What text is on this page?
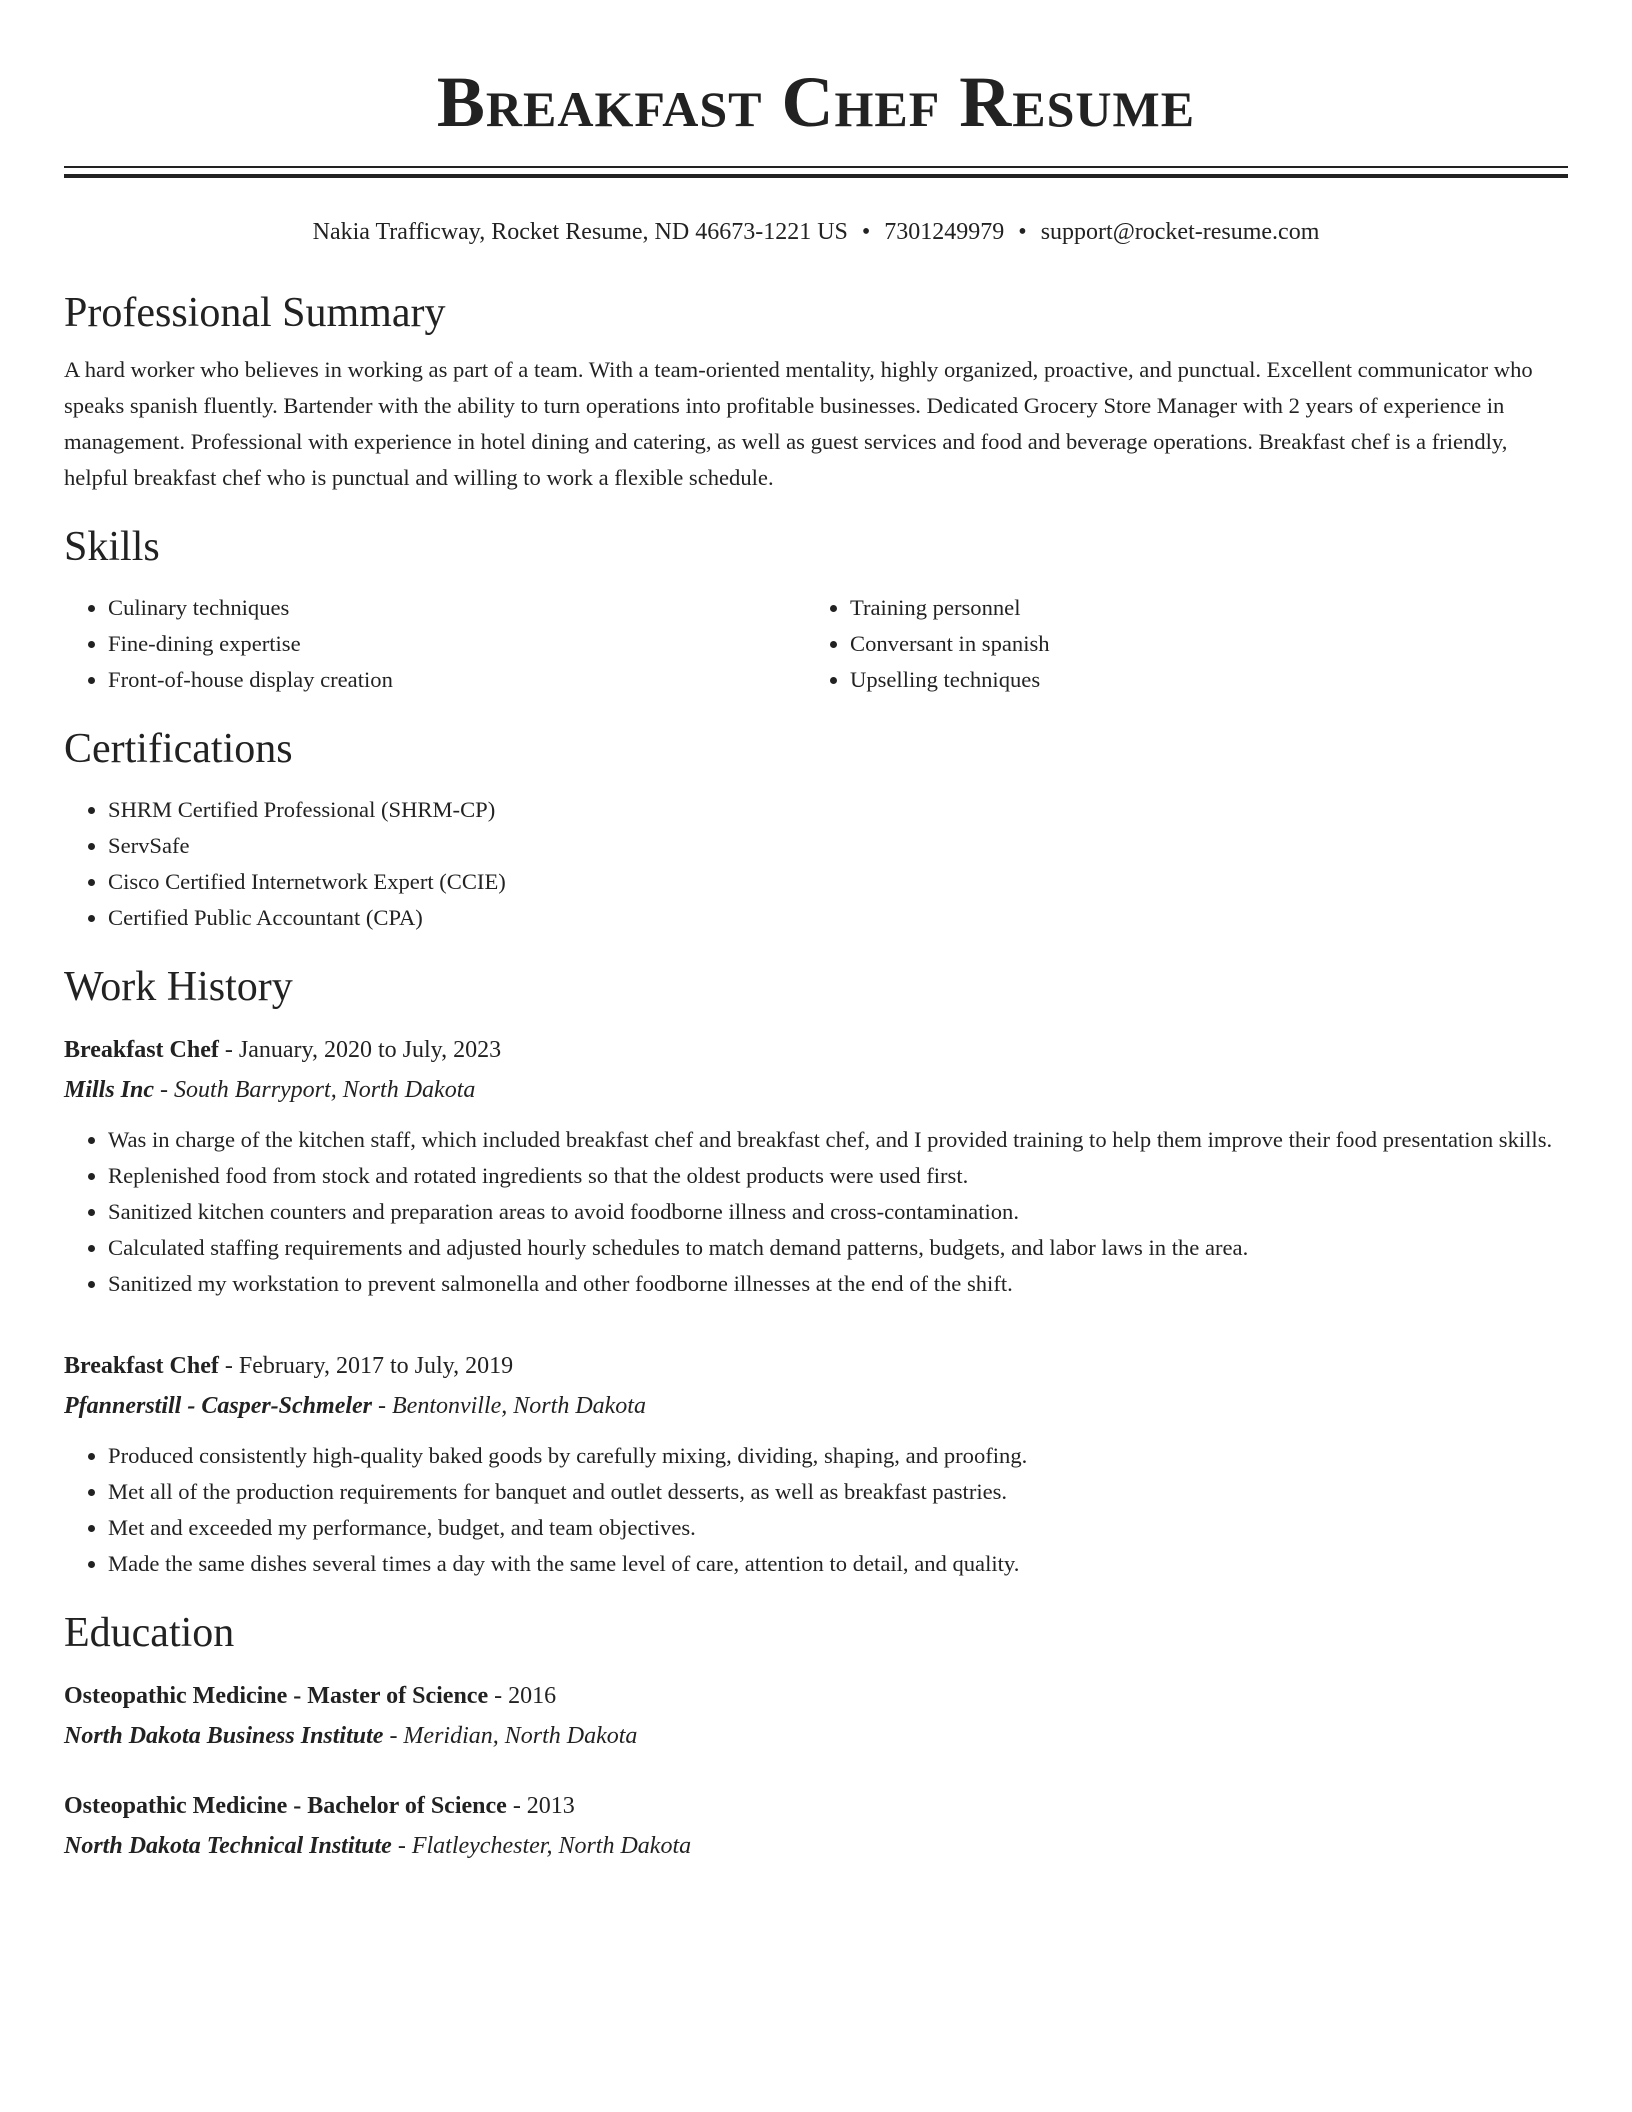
Breakfast Chef Resume
Nakia Trafficway, Rocket Resume, ND 46673-1221 US • 7301249979 • support@rocket-resume.com
Professional Summary

A hard worker who believes in working as part of a team. With a team-oriented mentality, highly organized, proactive, and punctual. Excellent communicator who speaks spanish fluently. Bartender with the ability to turn operations into profitable businesses. Dedicated Grocery Store Manager with 2 years of experience in management. Professional with experience in hotel dining and catering, as well as guest services and food and beverage operations. Breakfast chef is a friendly, helpful breakfast chef who is punctual and willing to work a flexible schedule.

Skills
• Culinary techniques
• Fine-dining expertise
• Front-of-house display creation
• Training personnel
• Conversant in spanish
• Upselling techniques
Certifications
• SHRM Certified Professional (SHRM-CP)
• ServSafe
• Cisco Certified Internetwork Expert (CCIE)
• Certified Public Accountant (CPA)
Work History
Breakfast Chef - January, 2020 to July, 2023
Mills Inc - South Barryport, North Dakota
• Was in charge of the kitchen staff, which included breakfast chef and breakfast chef, and I provided training to help them improve their food presentation skills.
• Replenished food from stock and rotated ingredients so that the oldest products were used first.
• Sanitized kitchen counters and preparation areas to avoid foodborne illness and cross-contamination.
• Calculated staffing requirements and adjusted hourly schedules to match demand patterns, budgets, and labor laws in the area.
• Sanitized my workstation to prevent salmonella and other foodborne illnesses at the end of the shift.
Breakfast Chef - February, 2017 to July, 2019
Pfannerstill - Casper-Schmeler - Bentonville, North Dakota
• Produced consistently high-quality baked goods by carefully mixing, dividing, shaping, and proofing.
• Met all of the production requirements for banquet and outlet desserts, as well as breakfast pastries.
• Met and exceeded my performance, budget, and team objectives.
• Made the same dishes several times a day with the same level of care, attention to detail, and quality.
Education
Osteopathic Medicine - Master of Science - 2016
North Dakota Business Institute - Meridian, North Dakota
Osteopathic Medicine - Bachelor of Science - 2013
North Dakota Technical Institute - Flatleychester, North Dakota
